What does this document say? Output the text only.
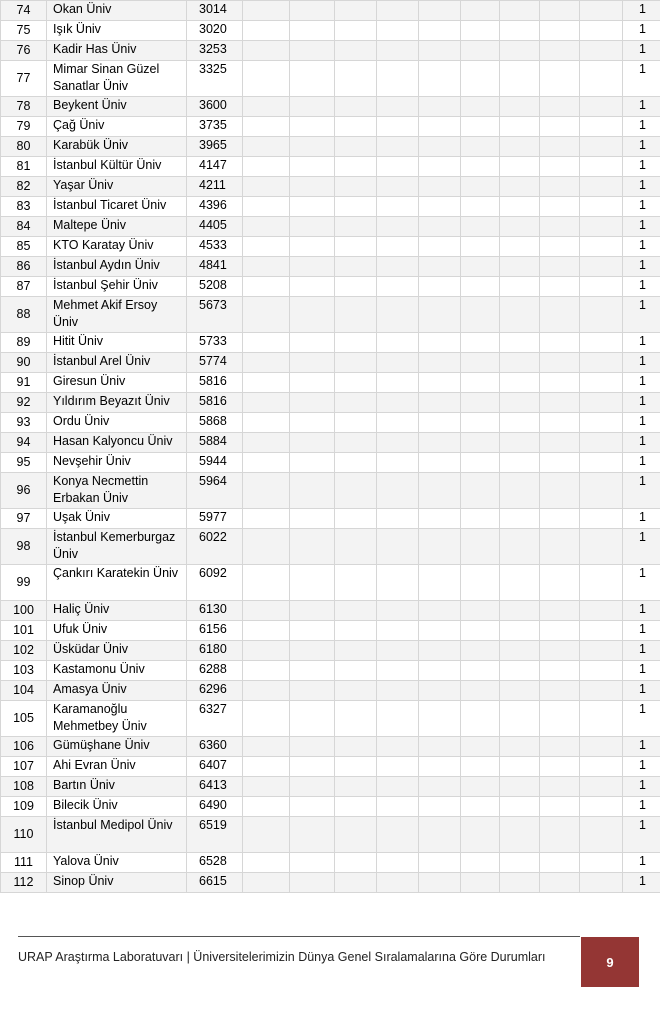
74	Okan Üniv	3014										1
75	Işık Üniv	3020										1
76	Kadir Has Üniv	3253										1
77	Mimar Sinan Güzel Sanatlar Üniv	3325										1
78	Beykent Üniv	3600										1
79	Çağ Üniv	3735										1
80	Karabük Üniv	3965										1
81	İstanbul Kültür Üniv	4147										1
82	Yaşar Üniv	4211										1
83	İstanbul Ticaret Üniv	4396										1
84	Maltepe Üniv	4405										1
85	KTO Karatay Üniv	4533										1
86	İstanbul Aydın Üniv	4841										1
87	İstanbul Şehir Üniv	5208										1
88	Mehmet Akif Ersoy Üniv	5673										1
89	Hitit Üniv	5733										1
90	İstanbul Arel Üniv	5774										1
91	Giresun Üniv	5816										1
92	Yıldırım Beyazıt Üniv	5816										1
93	Ordu Üniv	5868										1
94	Hasan Kalyoncu Üniv	5884										1
95	Nevşehir Üniv	5944										1
96	Konya Necmettin Erbakan Üniv	5964										1
97	Uşak Üniv	5977										1
98	İstanbul Kemerburgaz Üniv	6022										1
99	Çankırı Karatekin Üniv	6092										1
100	Haliç Üniv	6130										1
101	Ufuk Üniv	6156										1
102	Üsküdar Üniv	6180										1
103	Kastamonu Üniv	6288										1
104	Amasya Üniv	6296										1
105	Karamanoğlu Mehmetbey Üniv	6327										1
106	Gümüşhane Üniv	6360										1
107	Ahi Evran Üniv	6407										1
108	Bartın Üniv	6413										1
109	Bilecik Üniv	6490										1
110	İstanbul Medipol Üniv	6519										1
111	Yalova Üniv	6528										1
112	Sinop Üniv	6615										1
URAP Araştırma Laboratuvarı | Üniversitelerimizin Dünya Genel Sıralamalarına Göre Durumları	9
